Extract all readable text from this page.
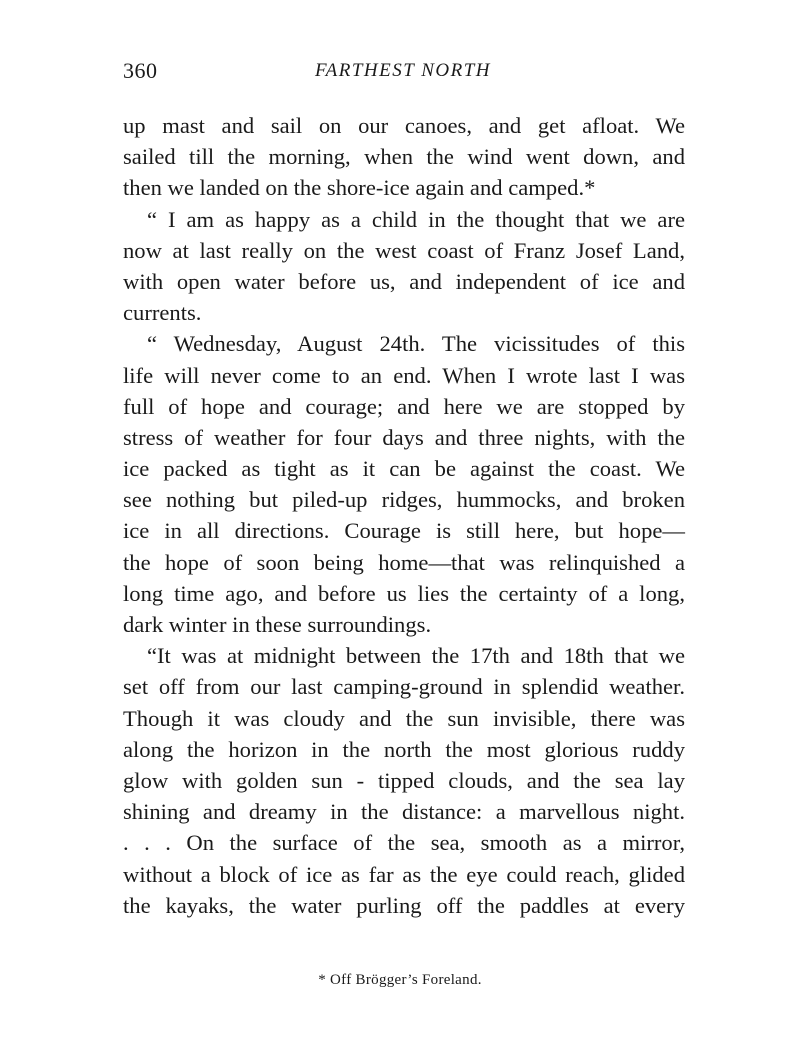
360	FARTHEST NORTH
up mast and sail on our canoes, and get afloat. We
sailed till the morning, when the wind went down, and
then we landed on the shore-ice again and camped.*
“ I am as happy as a child in the thought that we are
now at last really on the west coast of Franz Josef Land,
with open water before us, and independent of ice and
currents.
“ Wednesday, August 24th. The vicissitudes of this
life will never come to an end. When I wrote last I was
full of hope and courage; and here we are stopped by
stress of weather for four days and three nights, with the
ice packed as tight as it can be against the coast. We
see nothing but piled-up ridges, hummocks, and broken
ice in all directions. Courage is still here, but hope—
the hope of soon being home—that was relinquished a
long time ago, and before us lies the certainty of a long,
dark winter in these surroundings.
“It was at midnight between the 17th and 18th that we
set off from our last camping-ground in splendid weather.
Though it was cloudy and the sun invisible, there was
along the horizon in the north the most glorious ruddy
glow with golden sun - tipped clouds, and the sea lay
shining and dreamy in the distance: a marvellous night.
. . . On the surface of the sea, smooth as a mirror,
without a block of ice as far as the eye could reach, glided
the kayaks, the water purling off the paddles at every
* Off Brögger’s Foreland.
